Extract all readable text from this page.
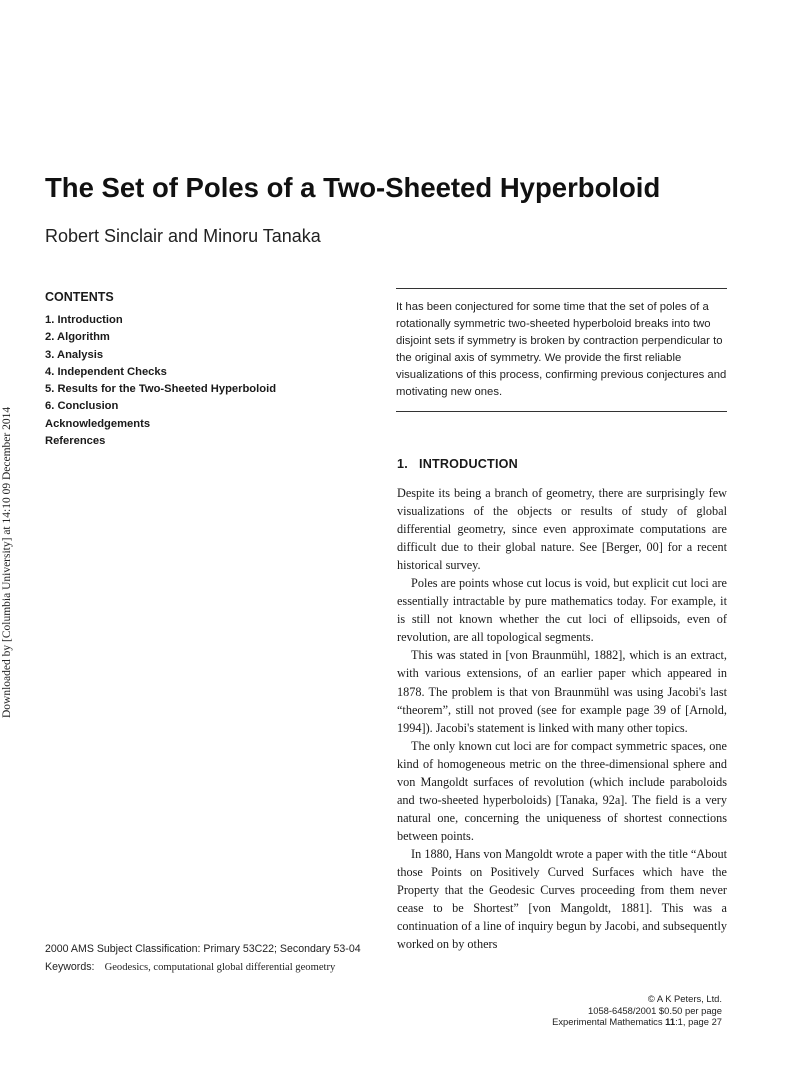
Downloaded by [Columbia University] at 14:10 09 December 2014
The Set of Poles of a Two-Sheeted Hyperboloid

Robert Sinclair and Minoru Tanaka

CONTENTS
1. Introduction
2. Algorithm
3. Analysis
4. Independent Checks
5. Results for the Two-Sheeted Hyperboloid
6. Conclusion
Acknowledgements
References

It has been conjectured for some time that the set of poles of a rotationally symmetric two-sheeted hyperboloid breaks into two disjoint sets if symmetry is broken by contraction perpendicular to the original axis of symmetry. We provide the first reliable visualizations of this process, confirming previous conjectures and motivating new ones.

1.   INTRODUCTION

Despite its being a branch of geometry, there are surprisingly few visualizations of the objects or results of study of global differential geometry, since even approximate computations are difficult due to their global nature. See [Berger, 00] for a recent historical survey.

Poles are points whose cut locus is void, but explicit cut loci are essentially intractable by pure mathematics today. For example, it is still not known whether the cut loci of ellipsoids, even of revolution, are all topological segments.

This was stated in [von Braunmühl, 1882], which is an extract, with various extensions, of an earlier paper which appeared in 1878. The problem is that von Braunmühl was using Jacobi's last “theorem”, still not proved (see for example page 39 of [Arnold, 1994]). Jacobi's statement is linked with many other topics.

The only known cut loci are for compact symmetric spaces, one kind of homogeneous metric on the three-dimensional sphere and von Mangoldt surfaces of revolution (which include paraboloids and two-sheeted hyperboloids) [Tanaka, 92a]. The field is a very natural one, concerning the uniqueness of shortest connections between points.

In 1880, Hans von Mangoldt wrote a paper with the title “About those Points on Positively Curved Surfaces which have the Property that the Geodesic Curves proceeding from them never cease to be Shortest” [von Mangoldt, 1881]. This was a continuation of a line of inquiry begun by Jacobi, and subsequently worked on by others

2000 AMS Subject Classification: Primary 53C22; Secondary 53-04

Keywords: Geodesics, computational global differential geometry

© A K Peters, Ltd.
1058-6458/2001 $0.50 per page
Experimental Mathematics 11:1, page 27
